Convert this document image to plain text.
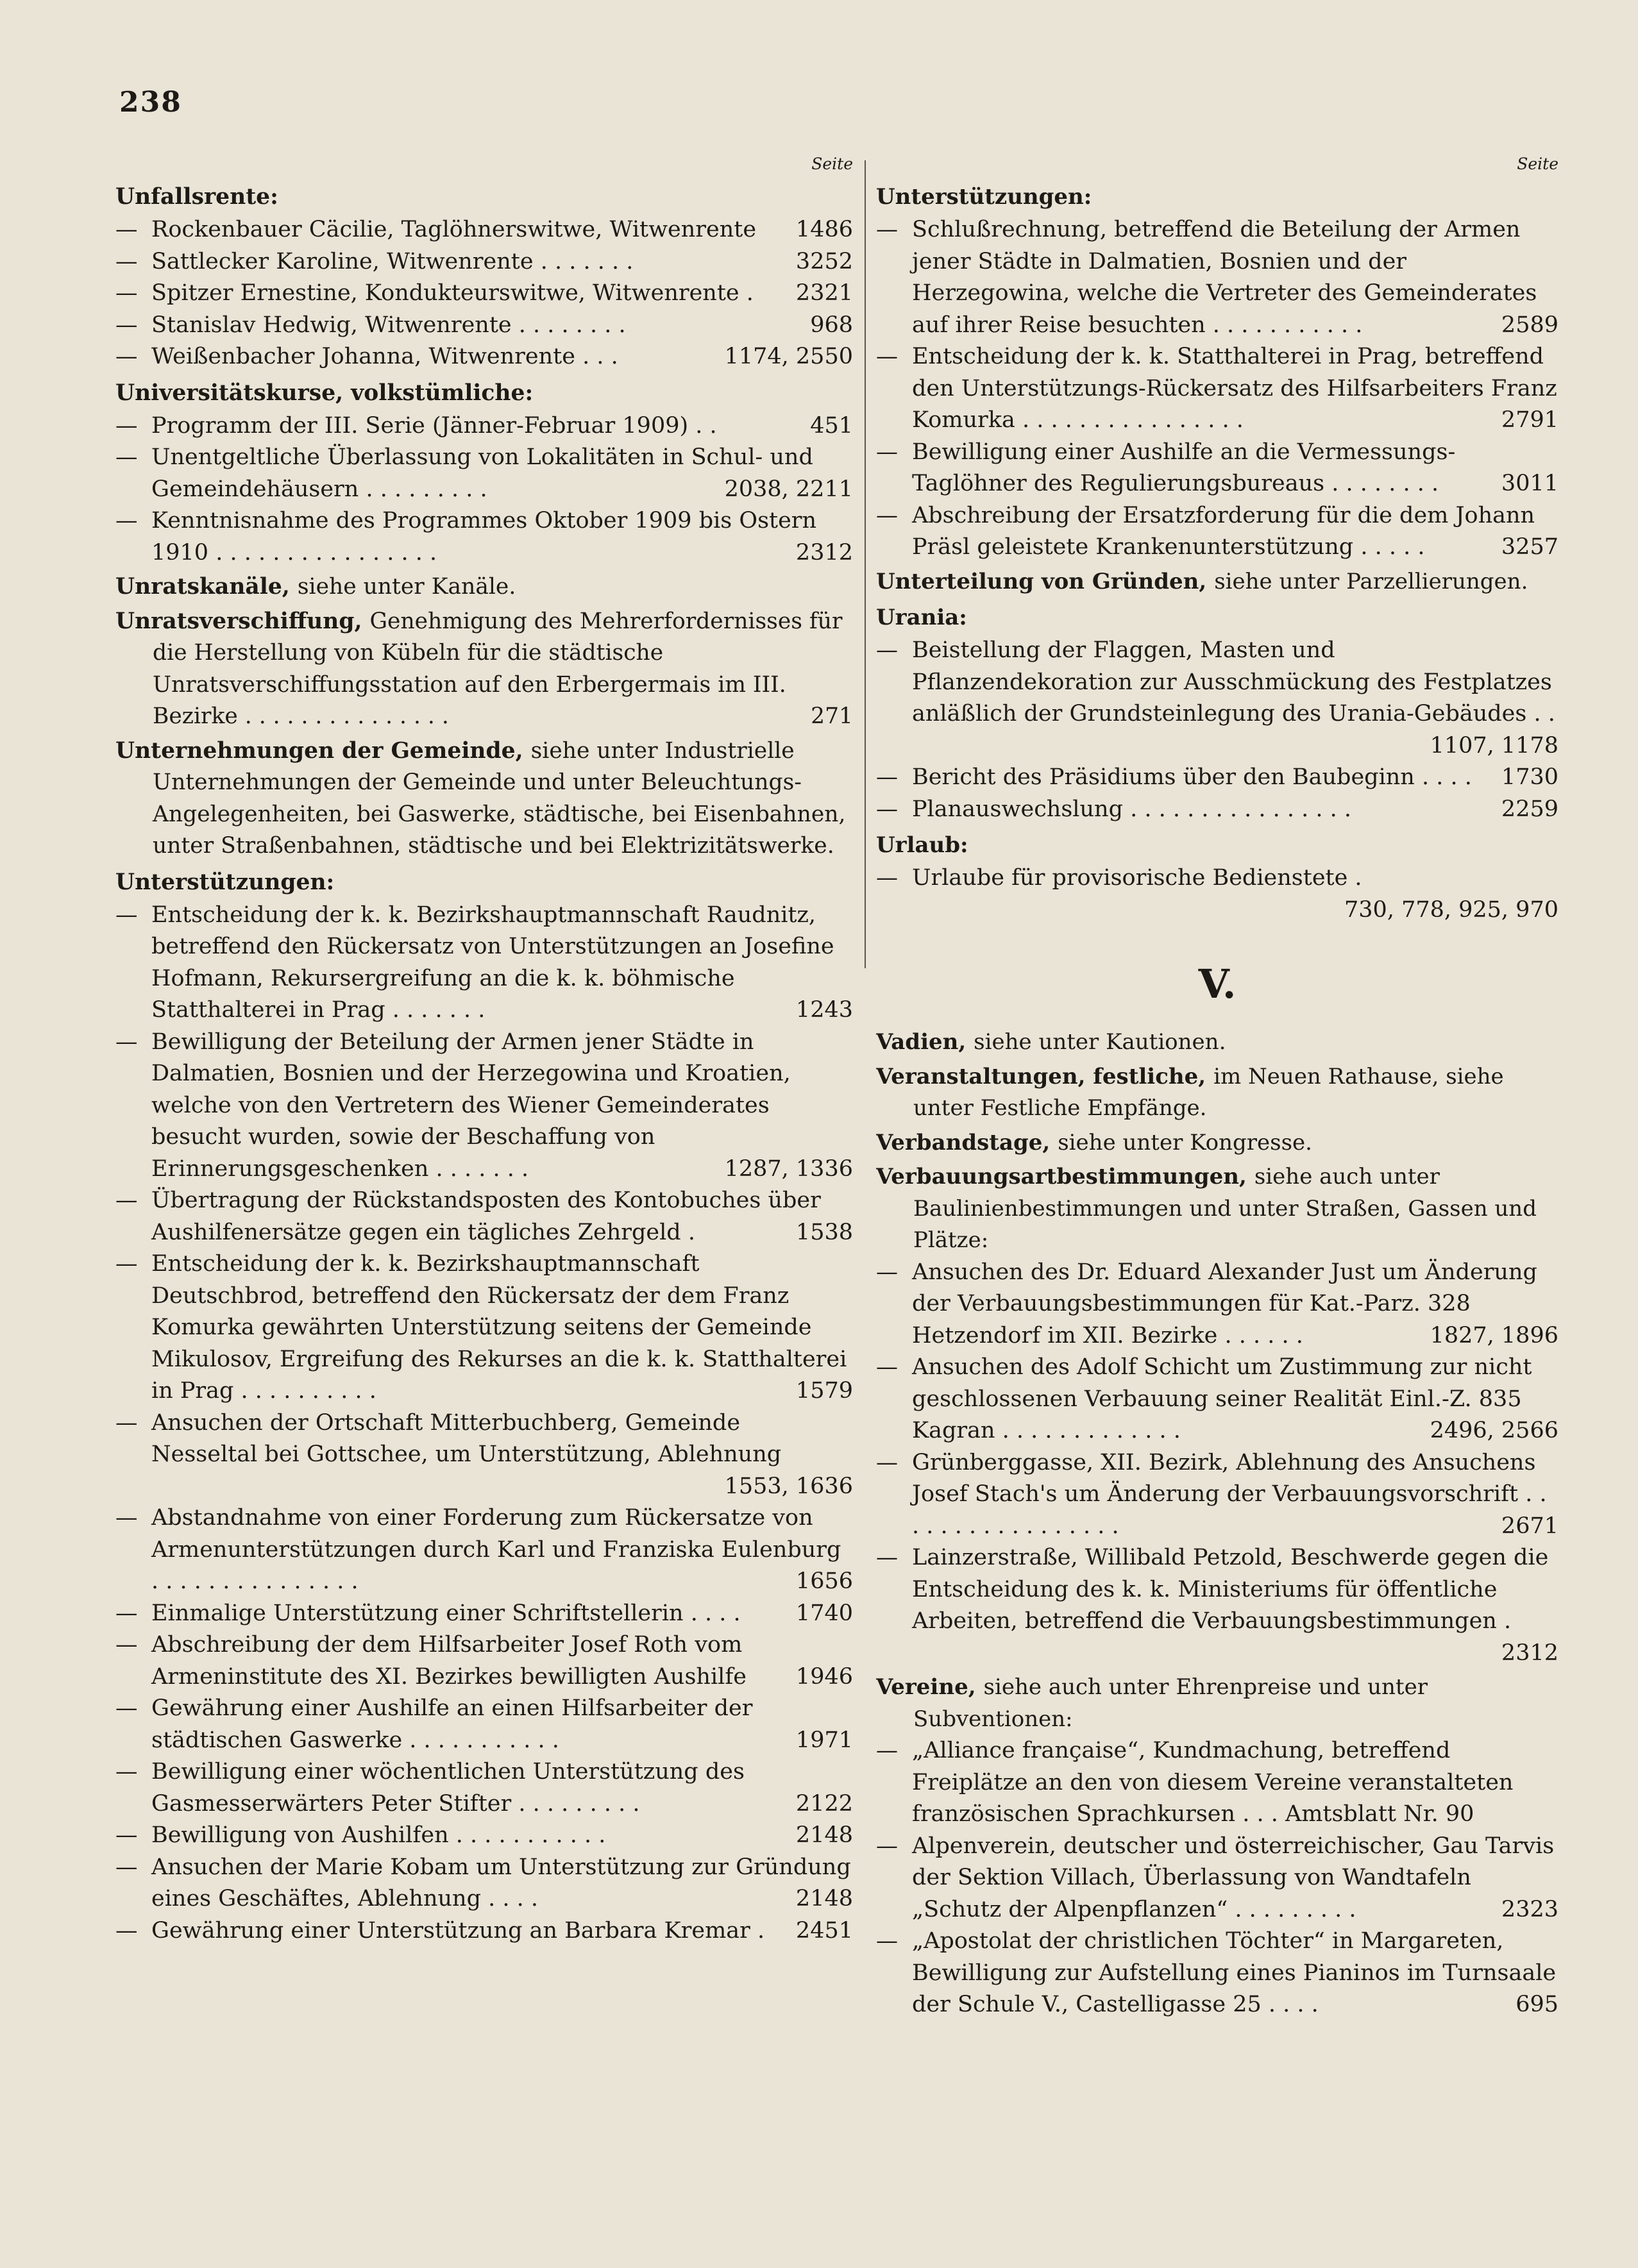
238
Seite
Unfallsrente:
— Rockenbauer Cäcilie, Taglöhnerswitwe, Witwenrente 1486
— Sattlecker Karoline, Witwenrente . . . . . . .	3252
— Spitzer Ernestine, Kondukteurswitwe, Witwenrente . 2321
— Stanislav Hedwig, Witwenrente . . . . . . . .	968
— Weißenbacher Johanna, Witwenrente . . .	1174, 2550
Universitätskurse, volkstümliche:
— Programm der III. Serie (Jänner-Februar 1909) . .	451
— Unentgeltliche Überlassung von Lokalitäten in Schul- und Gemeindehäusern . . . . . . . . .	2038, 2211
— Kenntnisnahme des Programmes Oktober 1909 bis Ostern 1910 . . . . . . . . . . . . . . . .	2312
Unratskanäle, siehe unter Kanäle.
Unratsverschiffung, Genehmigung des Mehrerfordernisses für die Herstellung von Kübeln für die städtische Unratsverschiffungsstation auf den Erbergermais im III. Bezirke . . . . . . . . . . . . . . .	271
Unternehmungen der Gemeinde, siehe unter Industrielle Unternehmungen der Gemeinde und unter Beleuchtungs-Angelegenheiten, bei Gaswerke, städtische, bei Eisenbahnen, unter Straßenbahnen, städtische und bei Elektrizitätswerke.
Unterstützungen:
— Entscheidung der k. k. Bezirkshauptmannschaft Raudnitz, betreffend den Rückersatz von Unterstützungen an Josefine Hofmann, Rekursergreifung an die k. k. böhmische Statthalterei in Prag . . . . . . .	1243
— Bewilligung der Beteilung der Armen jener Städte in Dalmatien, Bosnien und der Herzegowina und Kroatien, welche von den Vertretern des Wiener Gemeinderates besucht wurden, sowie der Beschaffung von Erinnerungsgeschenken . . . . . . .	1287, 1336
— Übertragung der Rückstandsposten des Kontobuches über Aushilfenersätze gegen ein tägliches Zehrgeld .	1538
— Entscheidung der k. k. Bezirkshauptmannschaft Deutschbrod, betreffend den Rückersatz der dem Franz Komurka gewährten Unterstützung seitens der Gemeinde Mikulosov, Ergreifung des Rekurses an die k. k. Statthalterei in Prag . . . . . . . . . .	1579
— Ansuchen der Ortschaft Mitterbuchberg, Gemeinde Nesseltal bei Gottschee, um Unterstützung, Ablehnung
1553, 1636
— Abstandnahme von einer Forderung zum Rückersatze von Armenunterstützungen durch Karl und Franziska Eulenburg . . . . . . . . . . . . . . .	1656
— Einmalige Unterstützung einer Schriftstellerin . . . . 1740
— Abschreibung der dem Hilfsarbeiter Josef Roth vom Armeninstitute des XI. Bezirkes bewilligten Aushilfe 1946
— Gewährung einer Aushilfe an einen Hilfsarbeiter der städtischen Gaswerke . . . . . . . . . . .	1971
— Bewilligung einer wöchentlichen Unterstützung des Gasmesserwärters Peter Stifter . . . . . . . . .	2122
— Bewilligung von Aushilfen . . . . . . . . . . .	2148
— Ansuchen der Marie Kobam um Unterstützung zur Gründung eines Geschäftes, Ablehnung . . . .	2148
— Gewährung einer Unterstützung an Barbara Kremar . 2451
Seite
Unterstützungen:
— Schlußrechnung, betreffend die Beteilung der Armen jener Städte in Dalmatien, Bosnien und der Herzegowina, welche die Vertreter des Gemeinderates auf ihrer Reise besuchten . . . . . . . . . . .	2589
— Entscheidung der k. k. Statthalterei in Prag, betreffend den Unterstützungs-Rückersatz des Hilfsarbeiters Franz Komurka . . . . . . . . . . . . . . . .	2791
— Bewilligung einer Aushilfe an die Vermessungs-Taglöhner des Regulierungsbureaus . . . . . . . .	3011
— Abschreibung der Ersatzforderung für die dem Johann Präsl geleistete Krankenunterstützung . . . . .	3257
Unterteilung von Gründen, siehe unter Parzellierungen.
Urania:
— Beistellung der Flaggen, Masten und Pflanzendekoration zur Ausschmückung des Festplatzes anläßlich der Grundsteinlegung des Urania-Gebäudes . .
1107, 1178
— Bericht des Präsidiums über den Baubeginn . . . . 1730
— Planauswechslung . . . . . . . . . . . . . . . .	2259
Urlaub:
— Urlaube für provisorische Bedienstete .
730, 778, 925, 970
V.
Vadien, siehe unter Kautionen.
Veranstaltungen, festliche, im Neuen Rathause, siehe unter Festliche Empfänge.
Verbandstage, siehe unter Kongresse.
Verbauungsartbestimmungen, siehe auch unter Baulinienbestimmungen und unter Straßen, Gassen und Plätze:
— Ansuchen des Dr. Eduard Alexander Just um Änderung der Verbauungsbestimmungen für Kat.-Parz. 328 Hetzendorf im XII. Bezirke . . . . . .	1827, 1896
— Ansuchen des Adolf Schicht um Zustimmung zur nicht geschlossenen Verbauung seiner Realität Einl.-Z. 835 Kagran . . . . . . . . . . . . .	2496, 2566
— Grünberggasse, XII. Bezirk, Ablehnung des Ansuchens Josef Stach's um Änderung der Verbauungsvorschrift . . . . . . . . . . . . . . . . .	2671
— Lainzerstraße, Willibald Petzold, Beschwerde gegen die Entscheidung des k. k. Ministeriums für öffentliche Arbeiten, betreffend die Verbauungsbestimmungen .
2312
Vereine, siehe auch unter Ehrenpreise und unter Subventionen:
— „Alliance française“, Kundmachung, betreffend Freiplätze an den von diesem Vereine veranstalteten französischen Sprachkursen . . . Amtsblatt Nr. 90
— Alpenverein, deutscher und österreichischer, Gau Tarvis der Sektion Villach, Überlassung von Wandtafeln „Schutz der Alpenpflanzen“ . . . . . . . . .	2323
— „Apostolat der christlichen Töchter“ in Margareten, Bewilligung zur Aufstellung eines Pianinos im Turnsaale der Schule V., Castelligasse 25 . . . .	695
